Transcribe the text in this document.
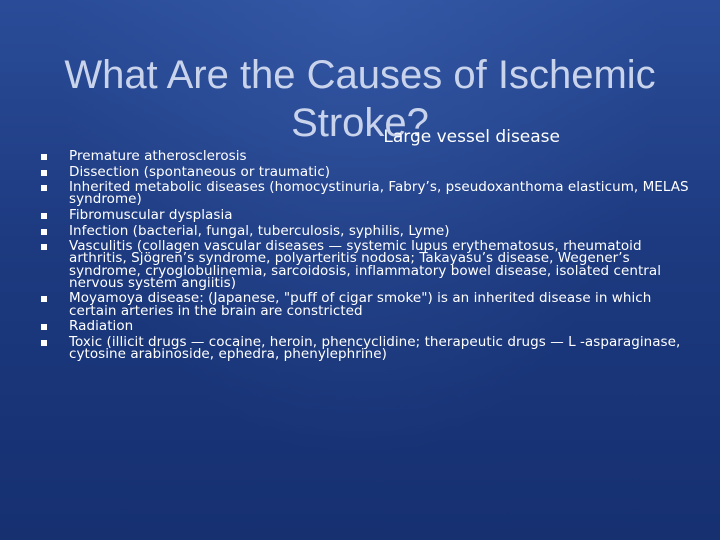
What Are the Causes of Ischemic Stroke?
Large vessel disease
Premature atherosclerosis
Dissection (spontaneous or traumatic)
Inherited metabolic diseases (homocystinuria, Fabry’s, pseudoxanthoma elasticum, MELAS syndrome)
Fibromuscular dysplasia
Infection (bacterial, fungal, tuberculosis, syphilis, Lyme)
Vasculitis (collagen vascular diseases — systemic lupus erythematosus, rheumatoid arthritis, Sjögren’s syndrome, polyarteritis nodosa; Takayasu’s disease, Wegener’s syndrome, cryoglobulinemia, sarcoidosis, inflammatory bowel disease, isolated central nervous system angiitis)
Moyamoya disease: (Japanese, "puff of cigar smoke") is an inherited disease in which certain arteries in the brain are constricted
Radiation
Toxic (illicit drugs — cocaine, heroin, phencyclidine; therapeutic drugs — L -asparaginase, cytosine arabinoside, ephedra, phenylephrine)
